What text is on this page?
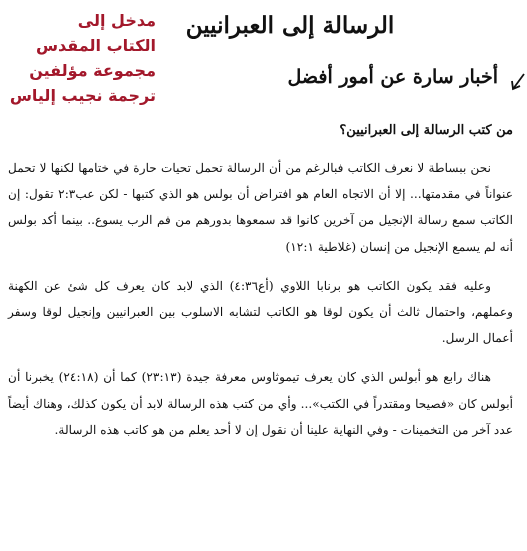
مدخل إلى
الكتاب المقدس
مجموعة مؤلفين
ترجمة نجيب إلياس
الرسالة إلى العبرانيين
أخبار سارة عن أمور أفضل
من كتب الرسالة إلى العبرانيين؟

نحن ببساطة لا نعرف الكاتب فبالرغم من أن الرسالة تحمل تحيات حارة في ختامها لكنها لا تحمل عنواناً في مقدمتها... إلا أن الاتجاه العام هو افتراض أن بولس هو الذي كتبها - لكن عب٢:٣ تقول: إن الكاتب سمع رسالة الإنجيل من آخرين كانوا قد سمعوها بدورهم من فم الرب يسوع.. بينما أكد بولس أنه لم يسمع الإنجيل من إنسان (غلاطية ١٢:١)

وعليه فقد يكون الكاتب هو برنابا اللاوي (أع٤:٣٦) الذي لابد كان يعرف كل شئ عن الكهنة وعملهم، واحتمال ثالث أن يكون لوقا هو الكاتب لتشابه الاسلوب بين العبرانيين وإنجيل لوقا وسفر أعمال الرسل.

هناك رابع هو أبولس الذي كان يعرف تيموثاوس معرفة جيدة (٢٣:١٣) كما أن (٢٤:١٨) يخبرنا أن أبولس كان «فصيحا ومقتدراً في الكتب»... وأي من كتب هذه الرسالة لابد أن يكون كذلك، وهناك أيضاً عدد آخر من التخمينات - وفي النهاية علينا أن نقول إن لا أحد يعلم من هو كاتب هذه الرسالة.
